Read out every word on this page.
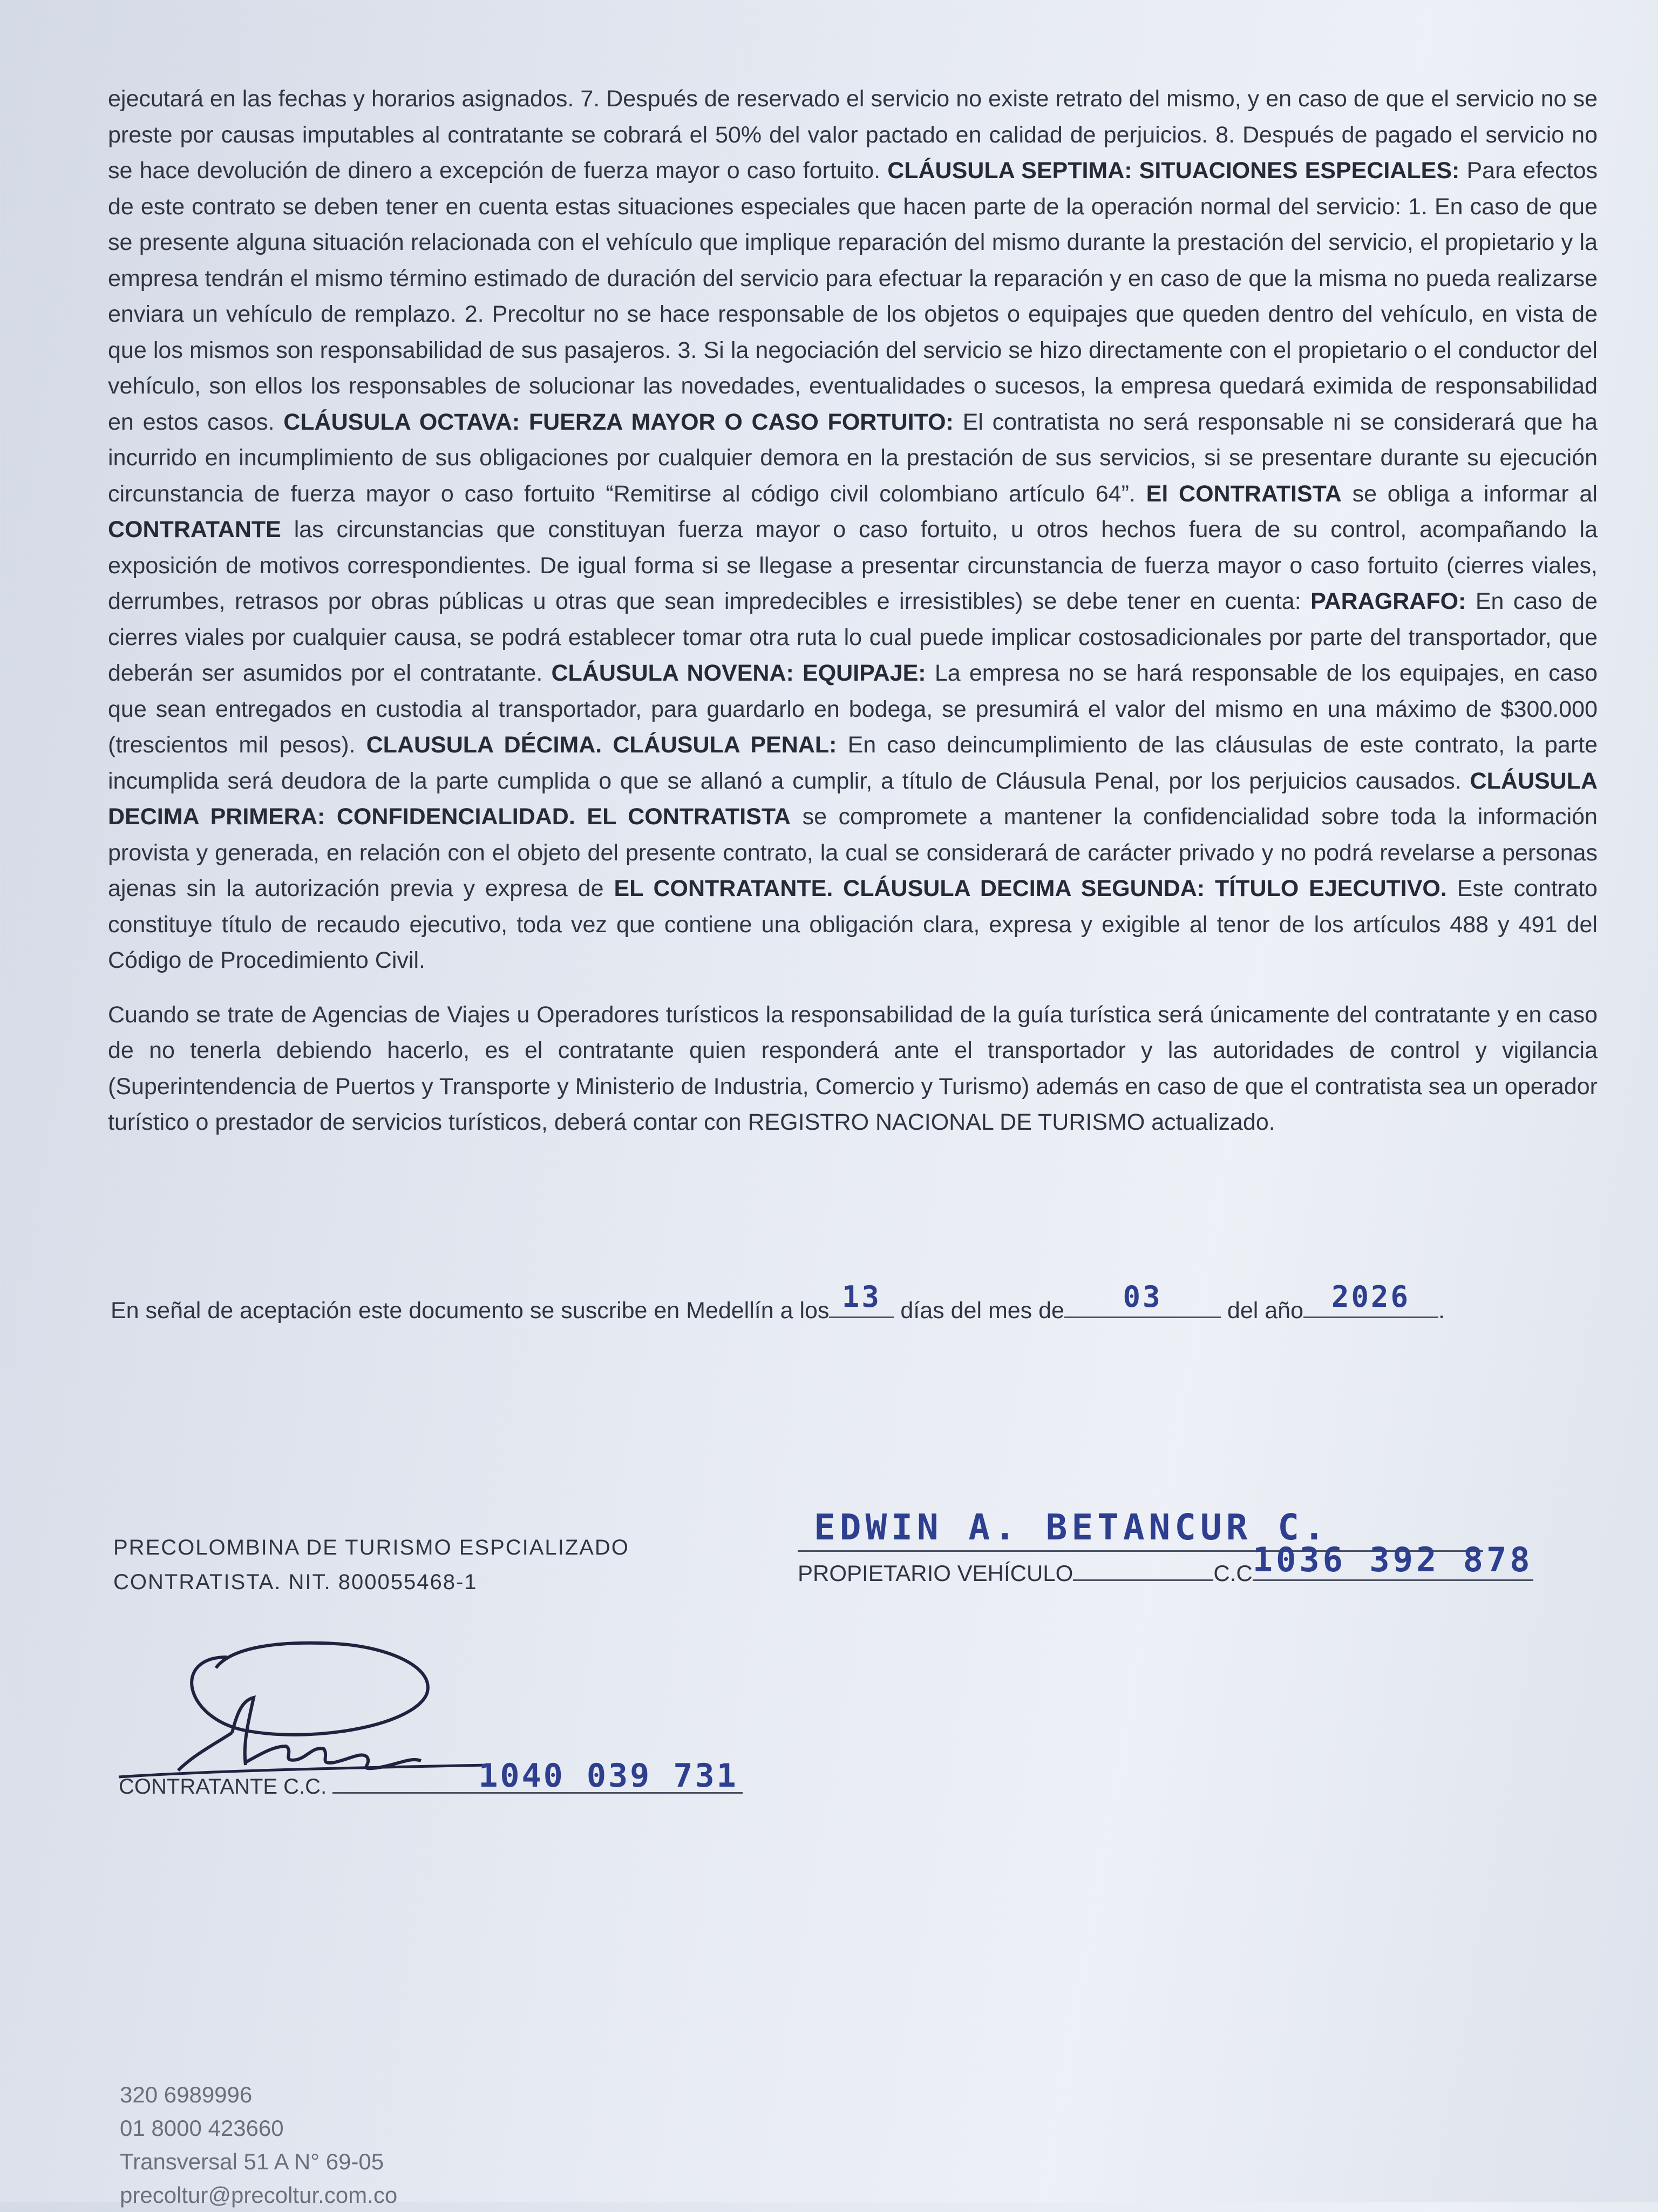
ejecutará en las fechas y horarios asignados. 7. Después de reservado el servicio no existe retrato del mismo, y en caso de que el servicio no se preste por causas imputables al contratante se cobrará el 50% del valor pactado en calidad de perjuicios. 8. Después de pagado el servicio no se hace devolución de dinero a excepción de fuerza mayor o caso fortuito. CLÁUSULA SEPTIMA: SITUACIONES ESPECIALES: Para efectos de este contrato se deben tener en cuenta estas situaciones especiales que hacen parte de la operación normal del servicio: 1. En caso de que se presente alguna situación relacionada con el vehículo que implique reparación del mismo durante la prestación del servicio, el propietario y la empresa tendrán el mismo término estimado de duración del servicio para efectuar la reparación y en caso de que la misma no pueda realizarse enviara un vehículo de remplazo. 2. Precoltur no se hace responsable de los objetos o equipajes que queden dentro del vehículo, en vista de que los mismos son responsabilidad de sus pasajeros. 3. Si la negociación del servicio se hizo directamente con el propietario o el conductor del vehículo, son ellos los responsables de solucionar las novedades, eventualidades o sucesos, la empresa quedará eximida de responsabilidad en estos casos. CLÁUSULA OCTAVA: FUERZA MAYOR O CASO FORTUITO: El contratista no será responsable ni se considerará que ha incurrido en incumplimiento de sus obligaciones por cualquier demora en la prestación de sus servicios, si se presentare durante su ejecución circunstancia de fuerza mayor o caso fortuito “Remitirse al código civil colombiano artículo 64”. El CONTRATISTA se obliga a informar al CONTRATANTE las circunstancias que constituyan fuerza mayor o caso fortuito, u otros hechos fuera de su control, acompañando la exposición de motivos correspondientes. De igual forma si se llegase a presentar circunstancia de fuerza mayor o caso fortuito (cierres viales, derrumbes, retrasos por obras públicas u otras que sean impredecibles e irresistibles) se debe tener en cuenta: PARAGRAFO: En caso de cierres viales por cualquier causa, se podrá establecer tomar otra ruta lo cual puede implicar costosadicionales por parte del transportador, que deberán ser asumidos por el contratante. CLÁUSULA NOVENA: EQUIPAJE: La empresa no se hará responsable de los equipajes, en caso que sean entregados en custodia al transportador, para guardarlo en bodega, se presumirá el valor del mismo en una máximo de $300.000 (trescientos mil pesos). CLAUSULA DÉCIMA. CLÁUSULA PENAL: En caso deincumplimiento de las cláusulas de este contrato, la parte incumplida será deudora de la parte cumplida o que se allanó a cumplir, a título de Cláusula Penal, por los perjuicios causados. CLÁUSULA DECIMA PRIMERA: CONFIDENCIALIDAD. EL CONTRATISTA se compromete a mantener la confidencialidad sobre toda la información provista y generada, en relación con el objeto del presente contrato, la cual se considerará de carácter privado y no podrá revelarse a personas ajenas sin la autorización previa y expresa de EL CONTRATANTE. CLÁUSULA DECIMA SEGUNDA: TÍTULO EJECUTIVO. Este contrato constituye título de recaudo ejecutivo, toda vez que contiene una obligación clara, expresa y exigible al tenor de los artículos 488 y 491 del Código de Procedimiento Civil.

Cuando se trate de Agencias de Viajes u Operadores turísticos la responsabilidad de la guía turística será únicamente del contratante y en caso de no tenerla debiendo hacerlo, es el contratante quien responderá ante el transportador y las autoridades de control y vigilancia (Superintendencia de Puertos y Transporte y Ministerio de Industria, Comercio y Turismo) además en caso de que el contratista sea un operador turístico o prestador de servicios turísticos, deberá contar con REGISTRO NACIONAL DE TURISMO actualizado.

En señal de aceptación este documento se suscribe en Medellín a los 13 días del mes de	03	del año 2026	.
PRECOLOMBINA DE TURISMO ESPCIALIZADO
CONTRATISTA. NIT. 800055468-1
EDWIN A. BETANCUR C.
PROPIETARIO VEHÍCULO	C.C 1036 392 878
CONTRATANTE C.C.	1040 039 731
320 6989996
01 8000 423660
Transversal 51 A N° 69-05
precoltur@precoltur.com.co
